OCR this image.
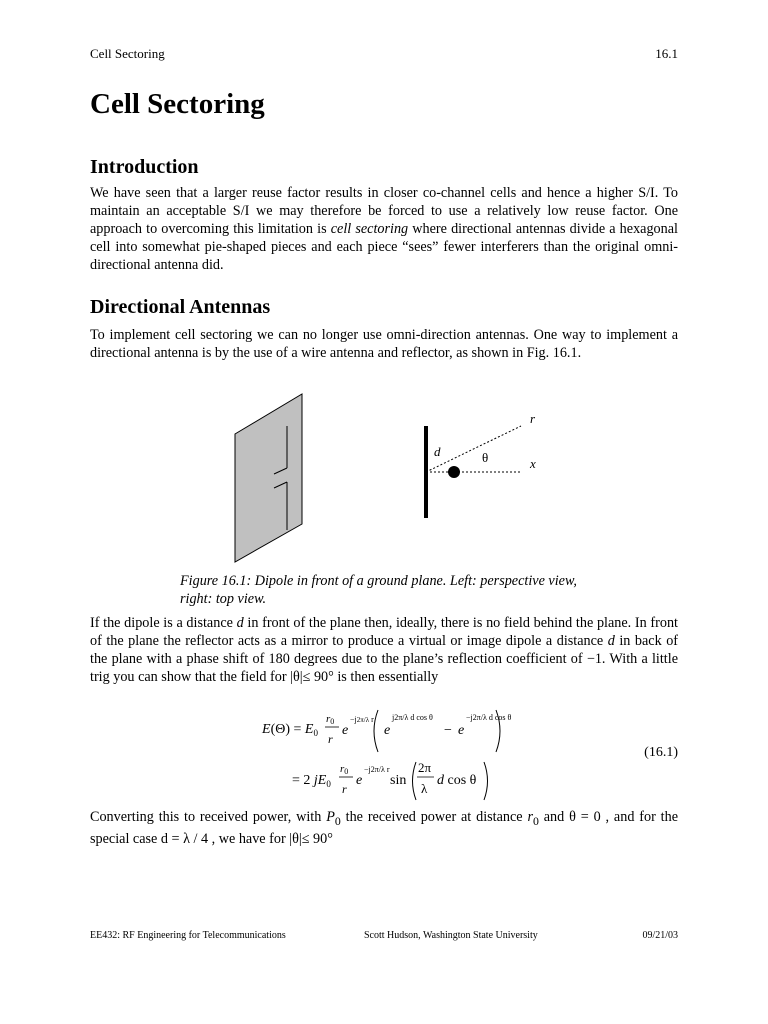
Cell Sectoring	16.1
Cell Sectoring
Introduction
We have seen that a larger reuse factor results in closer co-channel cells and hence a higher S/I. To maintain an acceptable S/I we may therefore be forced to use a relatively low reuse factor. One approach to overcoming this limitation is cell sectoring where directional antennas divide a hexagonal cell into somewhat pie-shaped pieces and each piece “sees” fewer interferers than the original omni-directional antenna did.
Directional Antennas
To implement cell sectoring we can no longer use omni-direction antennas. One way to implement a directional antenna is by the use of a wire antenna and reflector, as shown in Fig. 16.1.
r
d	θ	x
Figure 16.1: Dipole in front of a ground plane. Left: perspective view, right: top view.
If the dipole is a distance d in front of the plane then, ideally, there is no field behind the plane. In front of the plane the reflector acts as a mirror to produce a virtual or image dipole a distance d in back of the plane with a phase shift of 180 degrees due to the plane’s reflection coefficient of −1. With a little trig you can show that the field for |θ|≤ 90° is then essentially
$E(\Theta) = E_0$
r0
r
e
−j2π/λ r
e
j2π/λ d cos θ
− e
−j2π/λ d cos θ
= 2 $jE_0$
r0
r
e
−j2π/λ r
sin
2π
λ
d cos θ
(16.1)
Converting this to received power, with $P_0$ the received power at distance $r_0$ and θ = 0 , and for the special case d = λ / 4 , we have for |θ|≤ 90°
EE432: RF Engineering for Telecommunications	Scott Hudson, Washington State University	09/21/03
